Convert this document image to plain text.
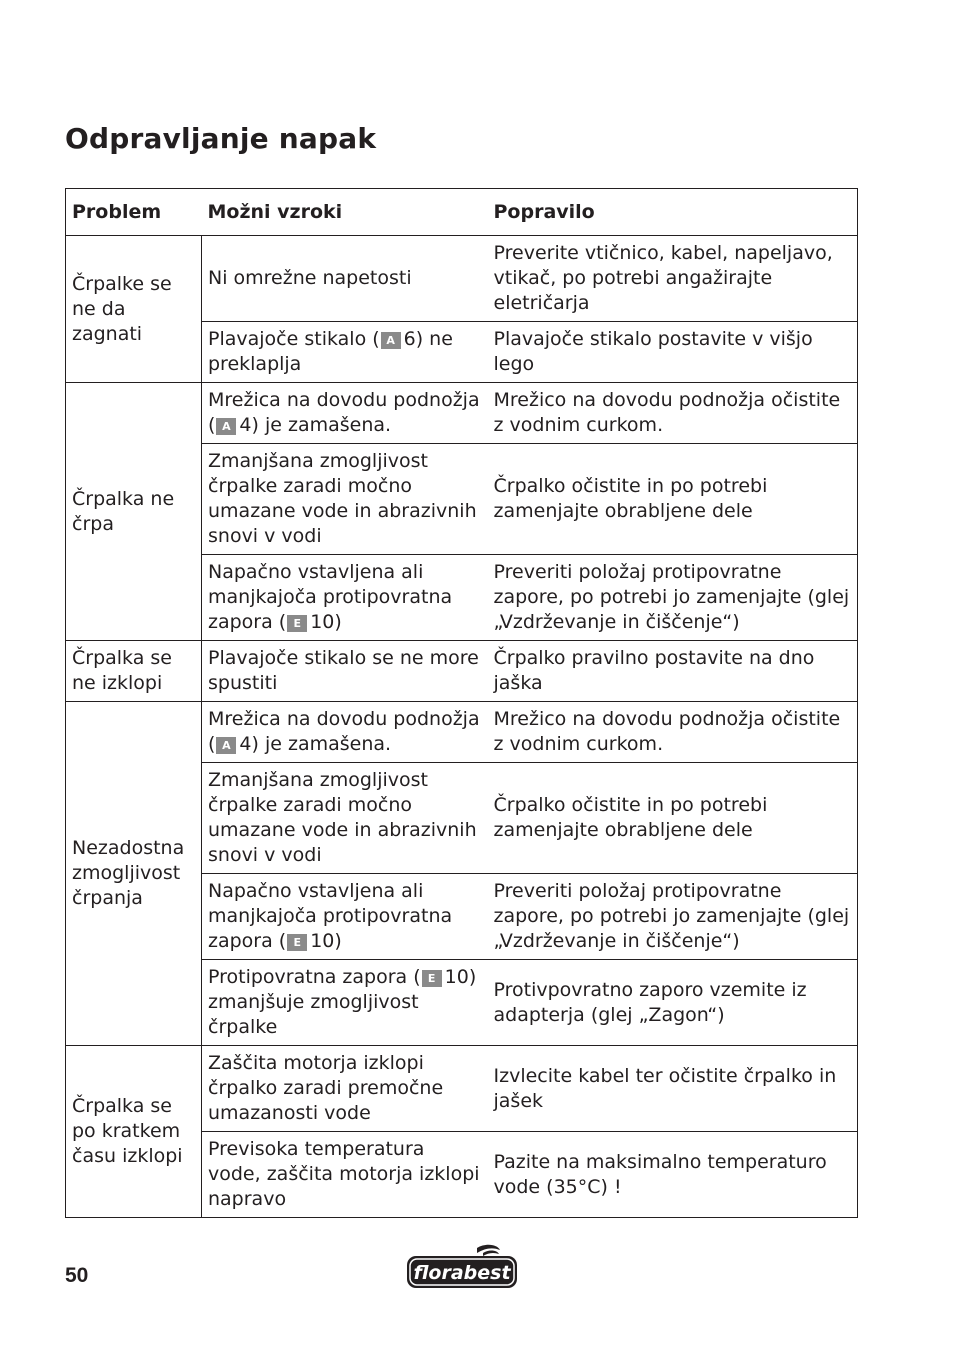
Odpravljanje napak
Problem	Možni vzroki	Popravilo
Črpalke se ne da zagnati	Ni omrežne napetosti	Preverite vtičnico, kabel, napeljavo, vtikač, po potrebi angažirajte eletričarja
	Plavajoče stikalo ( A 6) ne preklaplja	Plavajoče stikalo postavite v višjo lego
Črpalka ne črpa	Mrežica na dovodu podnožja ( A 4) je zamašena.	Mrežico na dovodu podnožja očistite z vodnim curkom.
	Zmanjšana zmogljivost črpalke zaradi močno umazane vode in abrazivnih snovi v vodi	Črpalko očistite in po potrebi zamenjajte obrabljene dele
	Napačno vstavljena ali manjkajoča protipovratna zapora ( E 10)	Preveriti položaj protipovratne zapore, po potrebi jo zamenjajte (glej „Vzdrževanje in čiščenje“)
Črpalka se ne izklopi	Plavajoče stikalo se ne more spustiti	Črpalko pravilno postavite na dno jaška
Nezadostna zmogljivost črpanja	Mrežica na dovodu podnožja ( A 4) je zamašena.	Mrežico na dovodu podnožja očistite z vodnim curkom.
	Zmanjšana zmogljivost črpalke zaradi močno umazane vode in abrazivnih snovi v vodi	Črpalko očistite in po potrebi zamenjajte obrabljene dele
	Napačno vstavljena ali manjkajoča protipovratna zapora ( E 10)	Preveriti položaj protipovratne zapore, po potrebi jo zamenjajte (glej „Vzdrževanje in čiščenje“)
	Protipovratna zapora ( E 10) zmanjšuje zmogljivost črpalke	Protivpovratno zaporo vzemite iz adapterja (glej „Zagon“)
Črpalka se po kratkem času izklopi	Zaščita motorja izklopi črpalko zaradi premočne umazanosti vode	Izvlecite kabel ter očistite črpalko in jašek
	Previsoka temperatura vode, zaščita motorja izklopi napravo	Pazite na maksimalno temperaturo vode (35°C) !
50	florabest
